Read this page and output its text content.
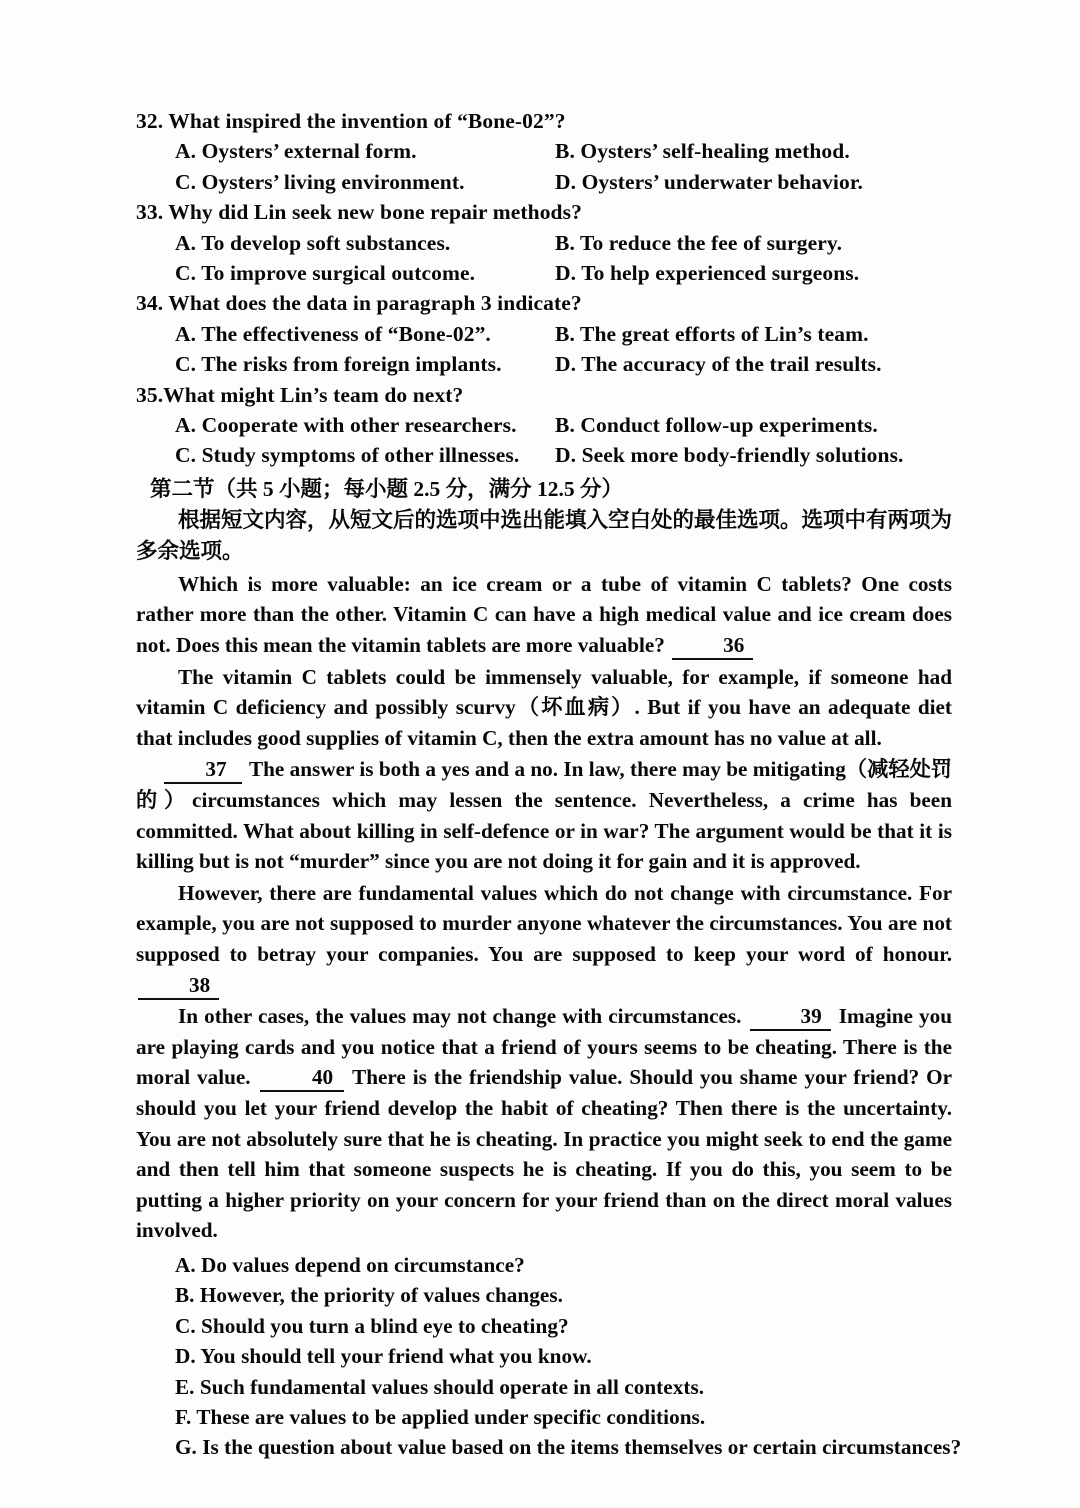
32. What inspired the invention of “Bone-02”?
A. Oysters’ external form.	B. Oysters’ self-healing method.
C. Oysters’ living environment.	D. Oysters’ underwater behavior.
33. Why did Lin seek new bone repair methods?
A. To develop soft substances.	B. To reduce the fee of surgery.
C. To improve surgical outcome.	D. To help experienced surgeons.
34. What does the data in paragraph 3 indicate?
A. The effectiveness of “Bone-02”.	B. The great efforts of Lin’s team.
C. The risks from foreign implants.	D. The accuracy of the trail results.
35.What might Lin’s team do next?
A. Cooperate with other researchers.	B. Conduct follow-up experiments.
C. Study symptoms of other illnesses.	D. Seek more body-friendly solutions.
第二节（共 5 小题；每小题 2.5 分，满分 12.5 分）
根据短文内容，从短文后的选项中选出能填入空白处的最佳选项。选项中有两项为多余选项。

Which is more valuable: an ice cream or a tube of vitamin C tablets? One costs rather more than the other. Vitamin C can have a high medical value and ice cream does not. Does this mean the vitamin tablets are more valuable?	36

The vitamin C tablets could be immensely valuable, for example, if someone had vitamin C deficiency and possibly scurvy（坏血病）. But if you have an adequate diet that includes good supplies of vitamin C, then the extra amount has no value at all.

37 The answer is both a yes and a no. In law, there may be mitigating（减轻处罚的）circumstances which may lessen the sentence. Nevertheless, a crime has been committed. What about killing in self-defence or in war? The argument would be that it is killing but is not “murder” since you are not doing it for gain and it is approved.

However, there are fundamental values which do not change with circumstance. For example, you are not supposed to murder anyone whatever the circumstances. You are not supposed to betray your companies. You are supposed to keep your word of honour. 38

In other cases, the values may not change with circumstances.	39 Imagine you are playing cards and you notice that a friend of yours seems to be cheating. There is the moral value.	40 There is the friendship value. Should you shame your friend? Or should you let your friend develop the habit of cheating? Then there is the uncertainty. You are not absolutely sure that he is cheating. In practice you might seek to end the game and then tell him that someone suspects he is cheating. If you do this, you seem to be putting a higher priority on your concern for your friend than on the direct moral values involved.

A. Do values depend on circumstance?
B. However, the priority of values changes.
C. Should you turn a blind eye to cheating?
D. You should tell your friend what you know.
E. Such fundamental values should operate in all contexts.
F. These are values to be applied under specific conditions.
G. Is the question about value based on the items themselves or certain circumstances?
